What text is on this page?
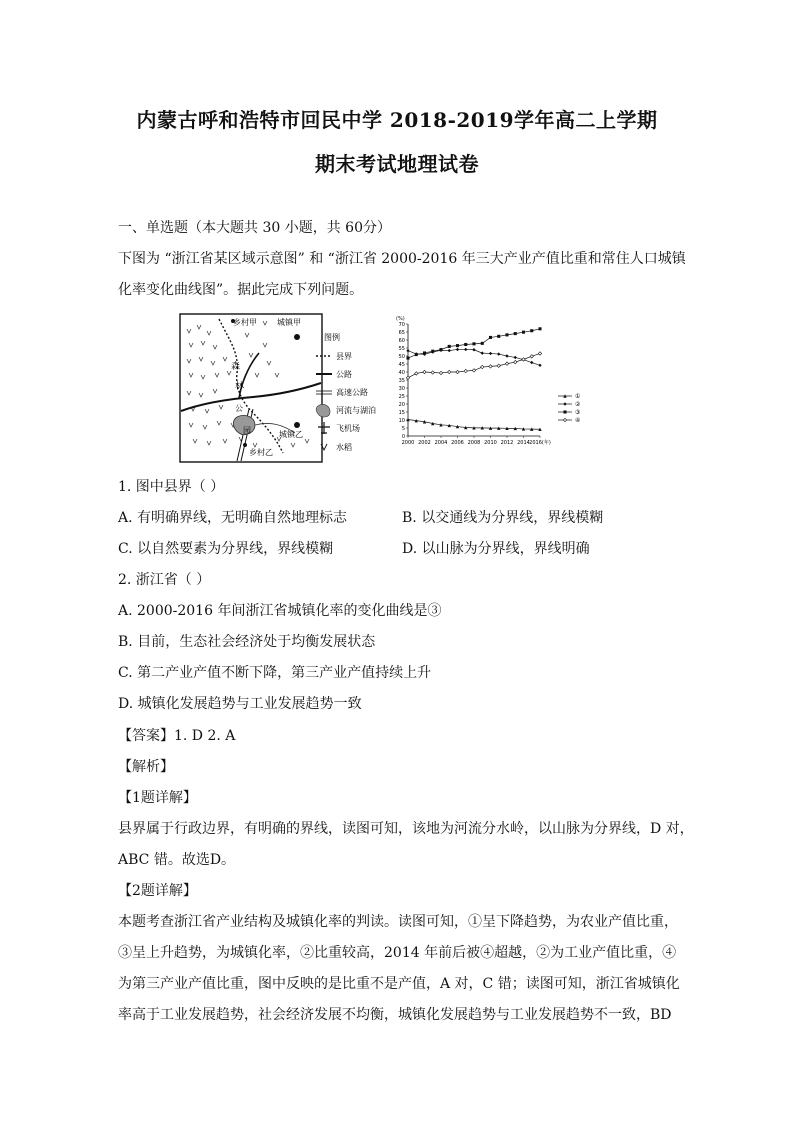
内蒙古呼和浩特市回民中学 2018-2019学年高二上学期
期末考试地理试卷
一、单选题（本大题共 30 小题，共 60分）
下图为 “浙江省某区域示意图” 和 “浙江省 2000-2016 年三大产业产值比重和常住人口城镇
化率变化曲线图”。据此完成下列问题。
乡村甲	城镇甲
森
林
公
园	城镇乙
乡村乙
图例
县界
公路
高速公路
河流与湖泊
飞机场
水稻
(%)
0
5
10
15
20
25
30
35
40
45
50
55
60
65
70
2000 2002 2004 2006 2008 2010 2012 2014 2016(年)
①
②
③
④
1. 图中县界（ ）
A. 有明确界线，无明确自然地理标志	B. 以交通线为分界线，界线模糊
C. 以自然要素为分界线，界线模糊	D. 以山脉为分界线，界线明确
2. 浙江省（ ）
A. 2000-2016 年间浙江省城镇化率的变化曲线是③
B. 目前，生态社会经济处于均衡发展状态
C. 第二产业产值不断下降，第三产业产值持续上升
D. 城镇化发展趋势与工业发展趋势一致
【答案】1. D 2. A
【解析】
【1题详解】
县界属于行政边界，有明确的界线，读图可知，该地为河流分水岭，以山脉为分界线，D 对，
ABC 错。故选D。
【2题详解】
本题考查浙江省产业结构及城镇化率的判读。读图可知，①呈下降趋势，为农业产值比重，
③呈上升趋势，为城镇化率，②比重较高，2014 年前后被④超越，②为工业产值比重，④
为第三产业产值比重，图中反映的是比重不是产值，A 对，C 错；读图可知，浙江省城镇化
率高于工业发展趋势，社会经济发展不均衡，城镇化发展趋势与工业发展趋势不一致，BD
